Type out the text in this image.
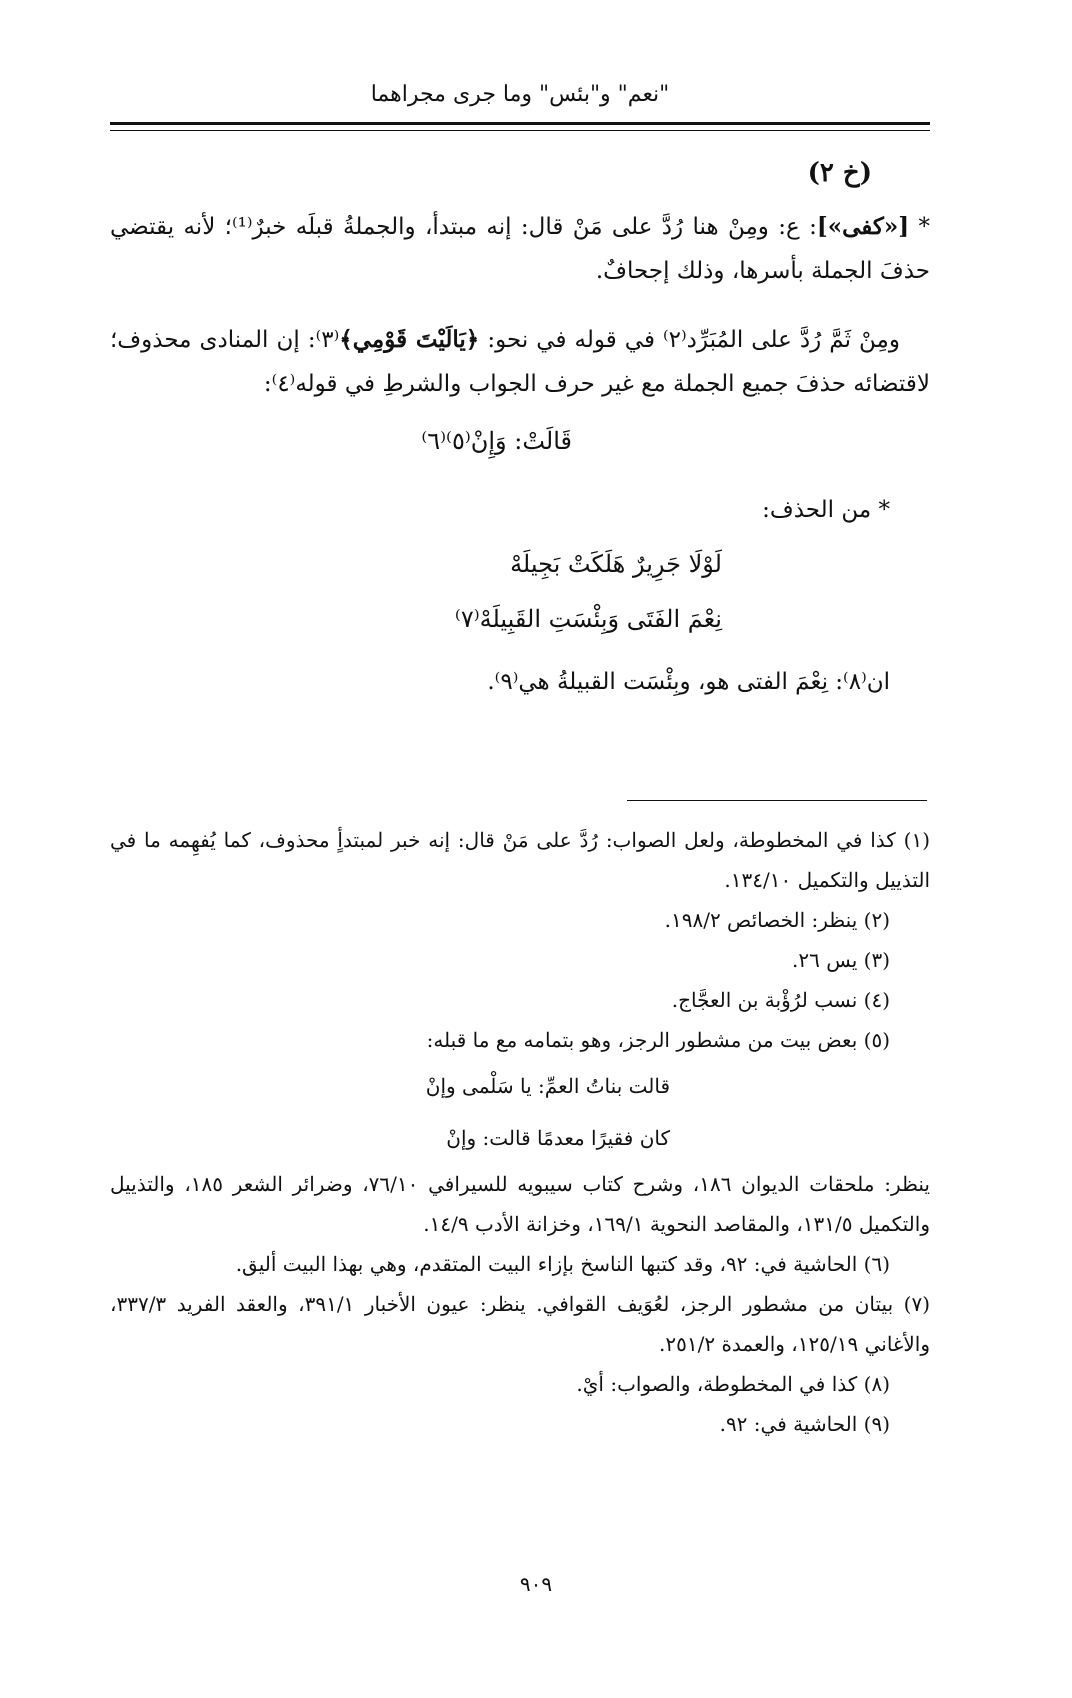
"نعم" و"بئس" وما جرى مجراهما
(خ ٢)

* [«كفى»]: ع: ومِنْ هنا رُدَّ على مَنْ قال: إنه مبتدأ، والجملةُ قبلَه خبرٌ⁽¹⁾؛ لأنه يقتضي حذفَ الجملة بأسرها، وذلك إجحافٌ.

ومِنْ ثَمَّ رُدَّ على المُبَرِّد⁽٢⁾ في قوله في نحو: ﴿يَالَيْتَ قَوْمِي﴾⁽٣⁾: إن المنادى محذوف؛ لاقتضائه حذفَ جميع الجملة مع غير حرف الجواب والشرطِ في قوله⁽٤⁾:

قَالَتْ: وَإِنْ⁽٥⁾⁽٦⁾

* من الحذف:

لَوْلَا جَرِيرٌ هَلَكَتْ بَجِيلَهْ
نِعْمَ الفَتَى وَبِئْسَتِ القَبِيلَهْ⁽٧⁾

ان⁽٨⁾: نِعْمَ الفتى هو، وبِئْسَت القبيلةُ هي⁽٩⁾.

(١) كذا في المخطوطة، ولعل الصواب: رُدَّ على مَنْ قال: إنه خبر لمبتدأٍ محذوف، كما يُفهِمه ما في التذييل والتكميل ١٣٤/١٠.

(٢) ينظر: الخصائص ١٩٨/٢.

(٣) يس ٢٦.

(٤) نسب لرُؤْبة بن العجَّاج.

(٥) بعض بيت من مشطور الرجز، وهو بتمامه مع ما قبله:

قالت بناتُ العمِّ: يا سَلْمى وإنْ

كان فقيرًا معدمًا قالت: وإنْ

ينظر: ملحقات الديوان ١٨٦، وشرح كتاب سيبويه للسيرافي ٧٦/١٠، وضرائر الشعر ١٨٥، والتذييل والتكميل ١٣١/٥، والمقاصد النحوية ١٦٩/١، وخزانة الأدب ١٤/٩.

(٦) الحاشية في: ٩٢، وقد كتبها الناسخ بإزاء البيت المتقدم، وهي بهذا البيت أليق.

(٧) بيتان من مشطور الرجز، لعُوَيف القوافي. ينظر: عيون الأخبار ٣٩١/١، والعقد الفريد ٣٣٧/٣، والأغاني ١٢٥/١٩، والعمدة ٢٥١/٢.

(٨) كذا في المخطوطة، والصواب: أيْ.

(٩) الحاشية في: ٩٢.

٩٠٩
